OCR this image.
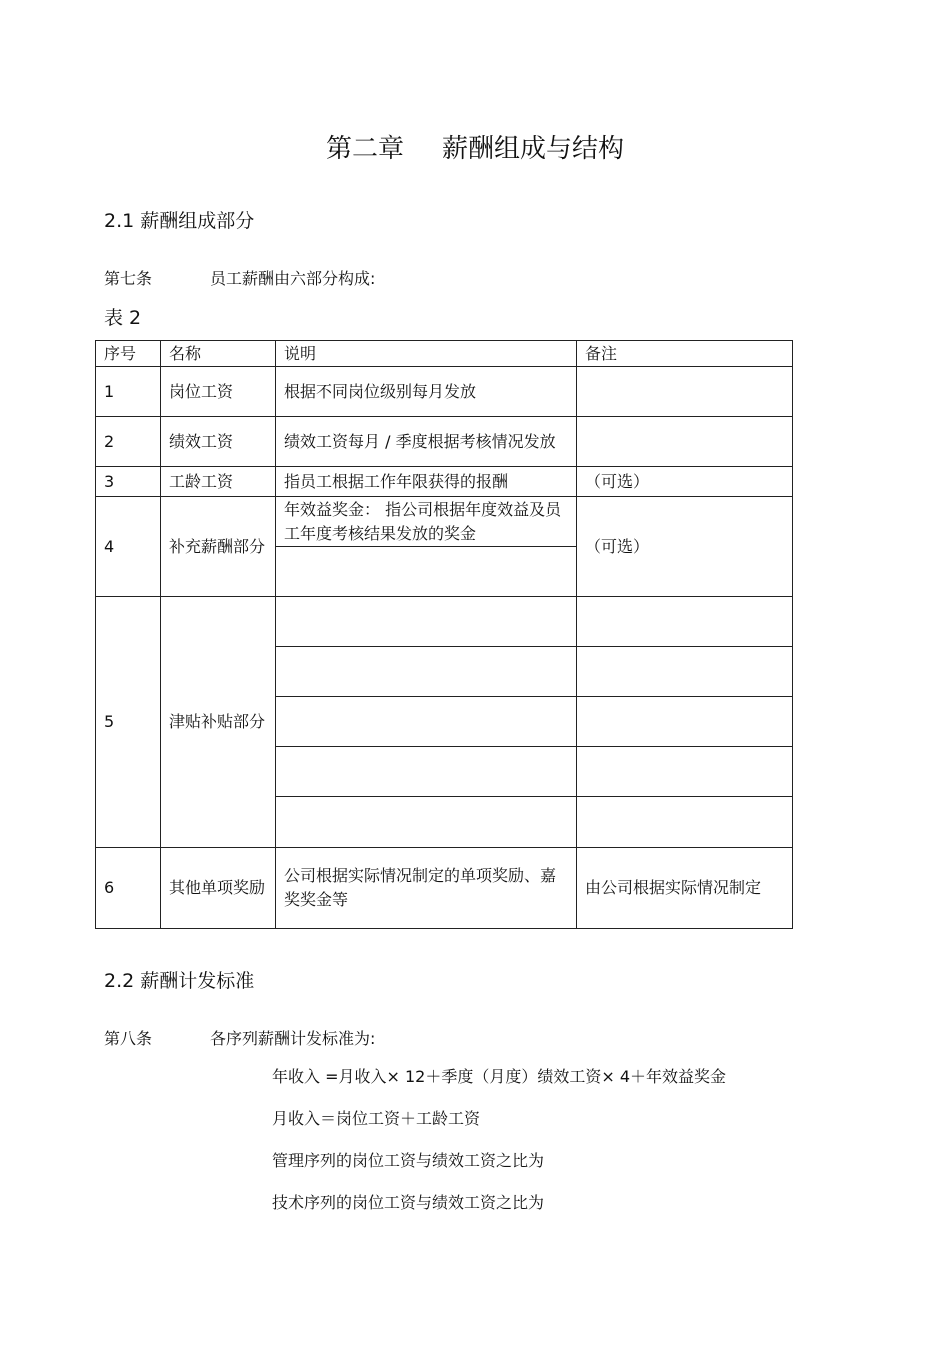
第二章 薪酬组成与结构
2.1 薪酬组成部分
第七条	员工薪酬由六部分构成:
表 2
序号	名称	说明	备注
1	岗位工资	根据不同岗位级别每月发放	
2	绩效工资	绩效工资每月 / 季度根据考核情况发放	
3	工龄工资	指员工根据工作年限获得的报酬	（可选）
4	补充薪酬部分	年效益奖金： 指公司根据年度效益及员工年度考核结果发放的奖金	（可选）

5	津贴补贴部分		

6	其他单项奖励	公司根据实际情况制定的单项奖励、嘉奖奖金等	由公司根据实际情况制定
2.2 薪酬计发标准
第八条	各序列薪酬计发标准为:
年收入 =月收入× 12＋季度（月度）绩效工资× 4＋年效益奖金
月收入＝岗位工资＋工龄工资
管理序列的岗位工资与绩效工资之比为
技术序列的岗位工资与绩效工资之比为
